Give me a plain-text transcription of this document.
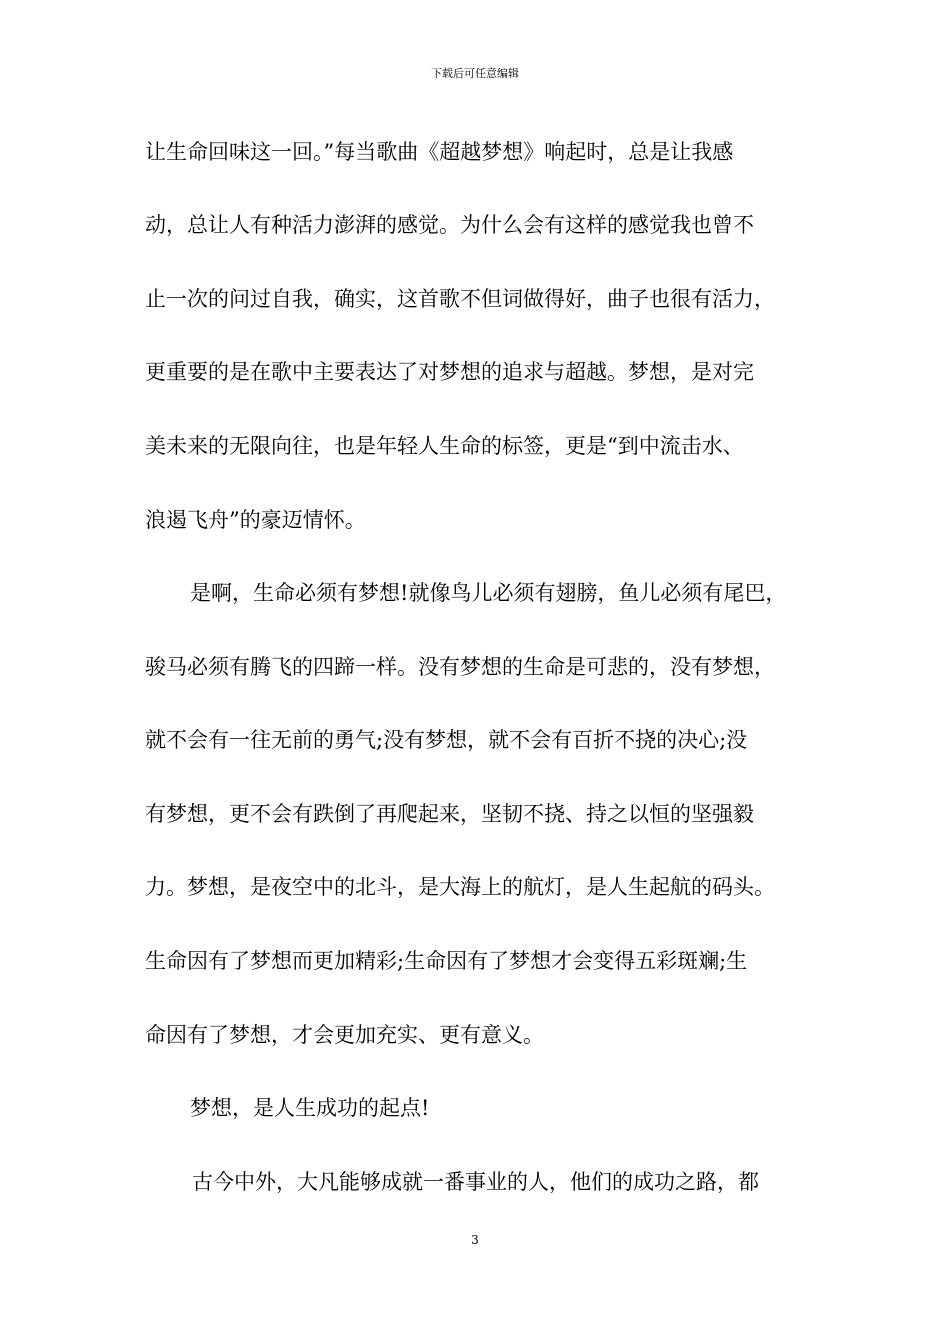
下载后可任意编辑
让生命回味这一回。”每当歌曲《超越梦想》响起时，总是让我感
动，总让人有种活力澎湃的感觉。为什么会有这样的感觉我也曾不
止一次的问过自我，确实，这首歌不但词做得好，曲子也很有活力，
更重要的是在歌中主要表达了对梦想的追求与超越。梦想，是对完
美未来的无限向往，也是年轻人生命的标签，更是“到中流击水、
浪遏飞舟”的豪迈情怀。
是啊，生命必须有梦想!就像鸟儿必须有翅膀，鱼儿必须有尾巴，
骏马必须有腾飞的四蹄一样。没有梦想的生命是可悲的，没有梦想，
就不会有一往无前的勇气;没有梦想，就不会有百折不挠的决心;没
有梦想，更不会有跌倒了再爬起来，坚韧不挠、持之以恒的坚强毅
力。梦想，是夜空中的北斗，是大海上的航灯，是人生起航的码头。
生命因有了梦想而更加精彩;生命因有了梦想才会变得五彩斑斓;生
命因有了梦想，才会更加充实、更有意义。
梦想，是人生成功的起点!
古今中外，大凡能够成就一番事业的人，他们的成功之路，都
3
